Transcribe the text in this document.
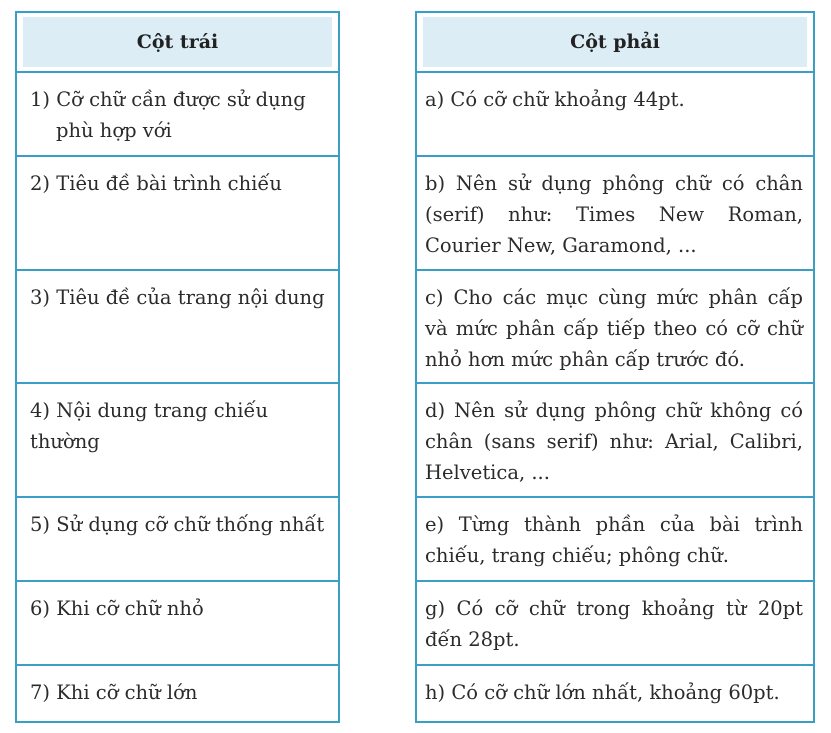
Cột trái
1) Cỡ chữ cần được sử dụng
phù hợp với
2) Tiêu đề bài trình chiếu
3) Tiêu đề của trang nội dung
4) Nội dung trang chiếu thường
5) Sử dụng cỡ chữ thống nhất
6) Khi cỡ chữ nhỏ
7) Khi cỡ chữ lớn
Cột phải
a) Có cỡ chữ khoảng 44pt.
b) Nên sử dụng phông chữ có chân (serif) như: Times New Roman, Courier New, Garamond, ...
c) Cho các mục cùng mức phân cấp và mức phân cấp tiếp theo có cỡ chữ nhỏ hơn mức phân cấp trước đó.
d) Nên sử dụng phông chữ không có chân (sans serif) như: Arial, Calibri, Helvetica, ...
e) Từng thành phần của bài trình chiếu, trang chiếu; phông chữ.
g) Có cỡ chữ trong khoảng từ 20pt đến 28pt.
h) Có cỡ chữ lớn nhất, khoảng 60pt.
